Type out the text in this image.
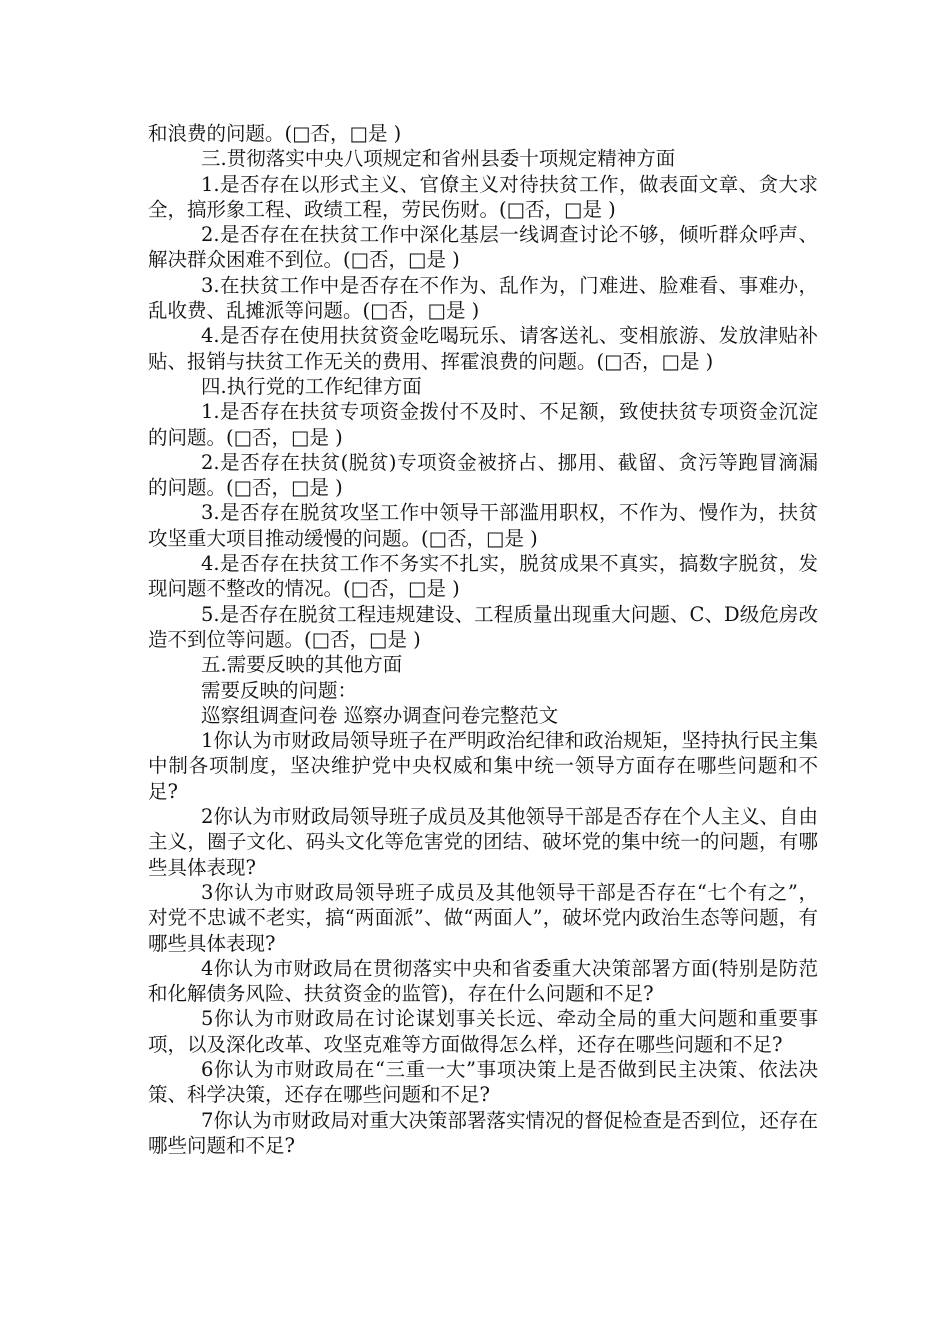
和浪费的问题。(□否，□是 )

三.贯彻落实中央八项规定和省州县委十项规定精神方面

1.是否存在以形式主义、官僚主义对待扶贫工作，做表面文章、贪大求全，搞形象工程、政绩工程，劳民伤财。(□否，□是 )

2.是否存在在扶贫工作中深化基层一线调查讨论不够，倾听群众呼声、解决群众困难不到位。(□否，□是 )

3.在扶贫工作中是否存在不作为、乱作为，门难进、脸难看、事难办，乱收费、乱摊派等问题。(□否，□是 )

4.是否存在使用扶贫资金吃喝玩乐、请客送礼、变相旅游、发放津贴补贴、报销与扶贫工作无关的费用、挥霍浪费的问题。(□否，□是 )

四.执行党的工作纪律方面

1.是否存在扶贫专项资金拨付不及时、不足额，致使扶贫专项资金沉淀的问题。(□否，□是 )

2.是否存在扶贫(脱贫)专项资金被挤占、挪用、截留、贪污等跑冒滴漏的问题。(□否，□是 )

3.是否存在脱贫攻坚工作中领导干部滥用职权，不作为、慢作为，扶贫攻坚重大项目推动缓慢的问题。(□否，□是 )

4.是否存在扶贫工作不务实不扎实，脱贫成果不真实，搞数字脱贫，发现问题不整改的情况。(□否，□是 )

5.是否存在脱贫工程违规建设、工程质量出现重大问题、C、D级危房改造不到位等问题。(□否，□是 )

五.需要反映的其他方面

需要反映的问题：

巡察组调查问卷 巡察办调查问卷完整范文

1你认为市财政局领导班子在严明政治纪律和政治规矩，坚持执行民主集中制各项制度，坚决维护党中央权威和集中统一领导方面存在哪些问题和不足?

2你认为市财政局领导班子成员及其他领导干部是否存在个人主义、自由主义，圈子文化、码头文化等危害党的团结、破坏党的集中统一的问题，有哪些具体表现?

3你认为市财政局领导班子成员及其他领导干部是否存在“七个有之”，对党不忠诚不老实，搞“两面派”、做“两面人”，破坏党内政治生态等问题，有哪些具体表现?

4你认为市财政局在贯彻落实中央和省委重大决策部署方面(特别是防范和化解债务风险、扶贫资金的监管)，存在什么问题和不足?

5你认为市财政局在讨论谋划事关长远、牵动全局的重大问题和重要事项，以及深化改革、攻坚克难等方面做得怎么样，还存在哪些问题和不足?

6你认为市财政局在“三重一大”事项决策上是否做到民主决策、依法决策、科学决策，还存在哪些问题和不足?

7你认为市财政局对重大决策部署落实情况的督促检查是否到位，还存在哪些问题和不足?
